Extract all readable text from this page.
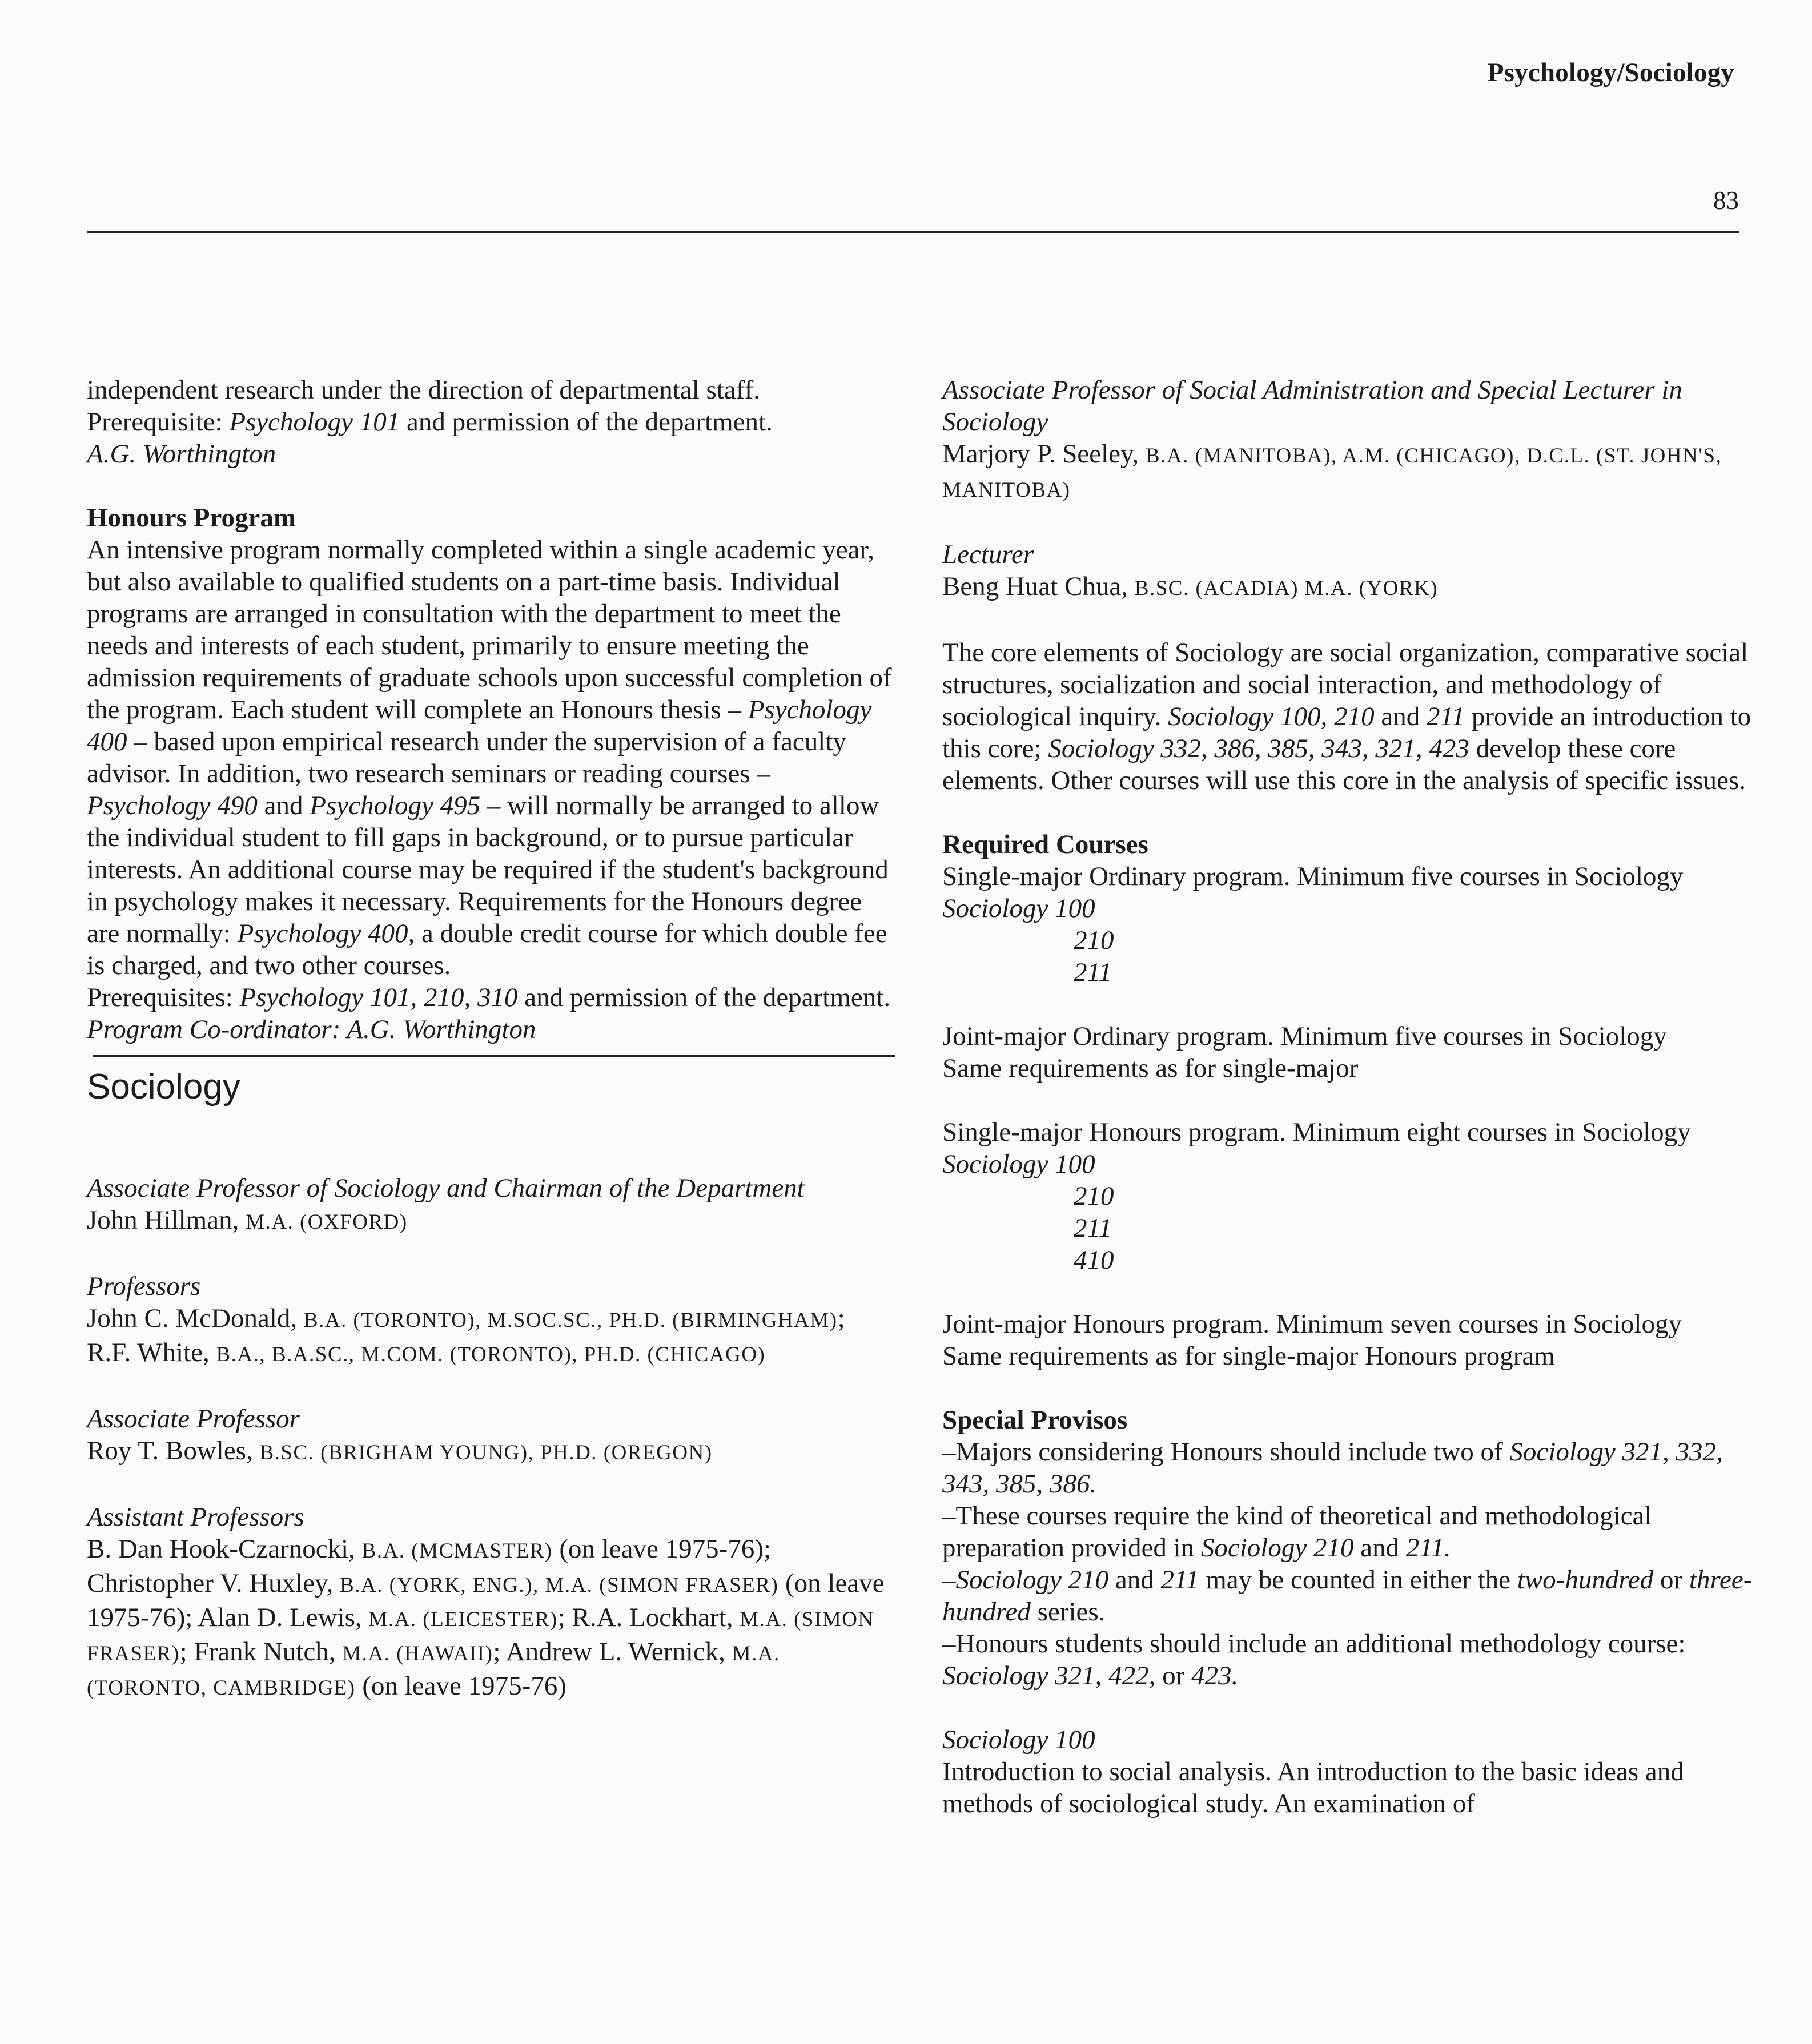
Psychology/Sociology
83

independent research under the direction of departmental staff.
Prerequisite: Psychology 101 and permission of the department.
A.G. Worthington

Honours Program

An intensive program normally completed within a single academic year, but also available to qualified students on a part-time basis. Individual programs are arranged in consultation with the department to meet the needs and interests of each student, primarily to ensure meeting the admission requirements of graduate schools upon successful completion of the program. Each student will complete an Honours thesis – Psychology 400 – based upon empirical research under the supervision of a faculty advisor. In addition, two research seminars or reading courses – Psychology 490 and Psychology 495 – will normally be arranged to allow the individual student to fill gaps in background, or to pursue particular interests. An additional course may be required if the student's background in psychology makes it necessary. Requirements for the Honours degree are normally: Psychology 400, a double credit course for which double fee is charged, and two other courses.

Prerequisites: Psychology 101, 210, 310 and permission of the department.

Program Co-ordinator: A.G. Worthington

Sociology

Associate Professor of Sociology and Chairman of the Department

John Hillman, M.A. (OXFORD)

Professors

John C. McDonald, B.A. (TORONTO), M.SOC.SC., PH.D. (BIRMINGHAM); R.F. White, B.A., B.A.SC., M.COM. (TORONTO), PH.D. (CHICAGO)

Associate Professor

Roy T. Bowles, B.SC. (BRIGHAM YOUNG), PH.D. (OREGON)

Assistant Professors

B. Dan Hook-Czarnocki, B.A. (MCMASTER) (on leave 1975-76); Christopher V. Huxley, B.A. (YORK, ENG.), M.A. (SIMON FRASER) (on leave 1975-76); Alan D. Lewis, M.A. (LEICESTER); R.A. Lockhart, M.A. (SIMON FRASER); Frank Nutch, M.A. (HAWAII); Andrew L. Wernick, M.A. (TORONTO, CAMBRIDGE) (on leave 1975-76)

Associate Professor of Social Administration and Special Lecturer in Sociology

Marjory P. Seeley, B.A. (MANITOBA), A.M. (CHICAGO), D.C.L. (ST. JOHN'S, MANITOBA)

Lecturer

Beng Huat Chua, B.SC. (ACADIA) M.A. (YORK)

The core elements of Sociology are social organization, comparative social structures, socialization and social interaction, and methodology of sociological inquiry. Sociology 100, 210 and 211 provide an introduction to this core; Sociology 332, 386, 385, 343, 321, 423 develop these core elements. Other courses will use this core in the analysis of specific issues.

Required Courses

Single-major Ordinary program. Minimum five courses in Sociology

Sociology 100

210

211

Joint-major Ordinary program. Minimum five courses in Sociology

Same requirements as for single-major

Single-major Honours program. Minimum eight courses in Sociology

Sociology 100

210

211

410

Joint-major Honours program. Minimum seven courses in Sociology

Same requirements as for single-major Honours program

Special Provisos

–Majors considering Honours should include two of Sociology 321, 332, 343, 385, 386.

–These courses require the kind of theoretical and methodological preparation provided in Sociology 210 and 211.

–Sociology 210 and 211 may be counted in either the two-hundred or three-hundred series.

–Honours students should include an additional methodology course: Sociology 321, 422, or 423.

Sociology 100

Introduction to social analysis. An introduction to the basic ideas and methods of sociological study. An examination of
